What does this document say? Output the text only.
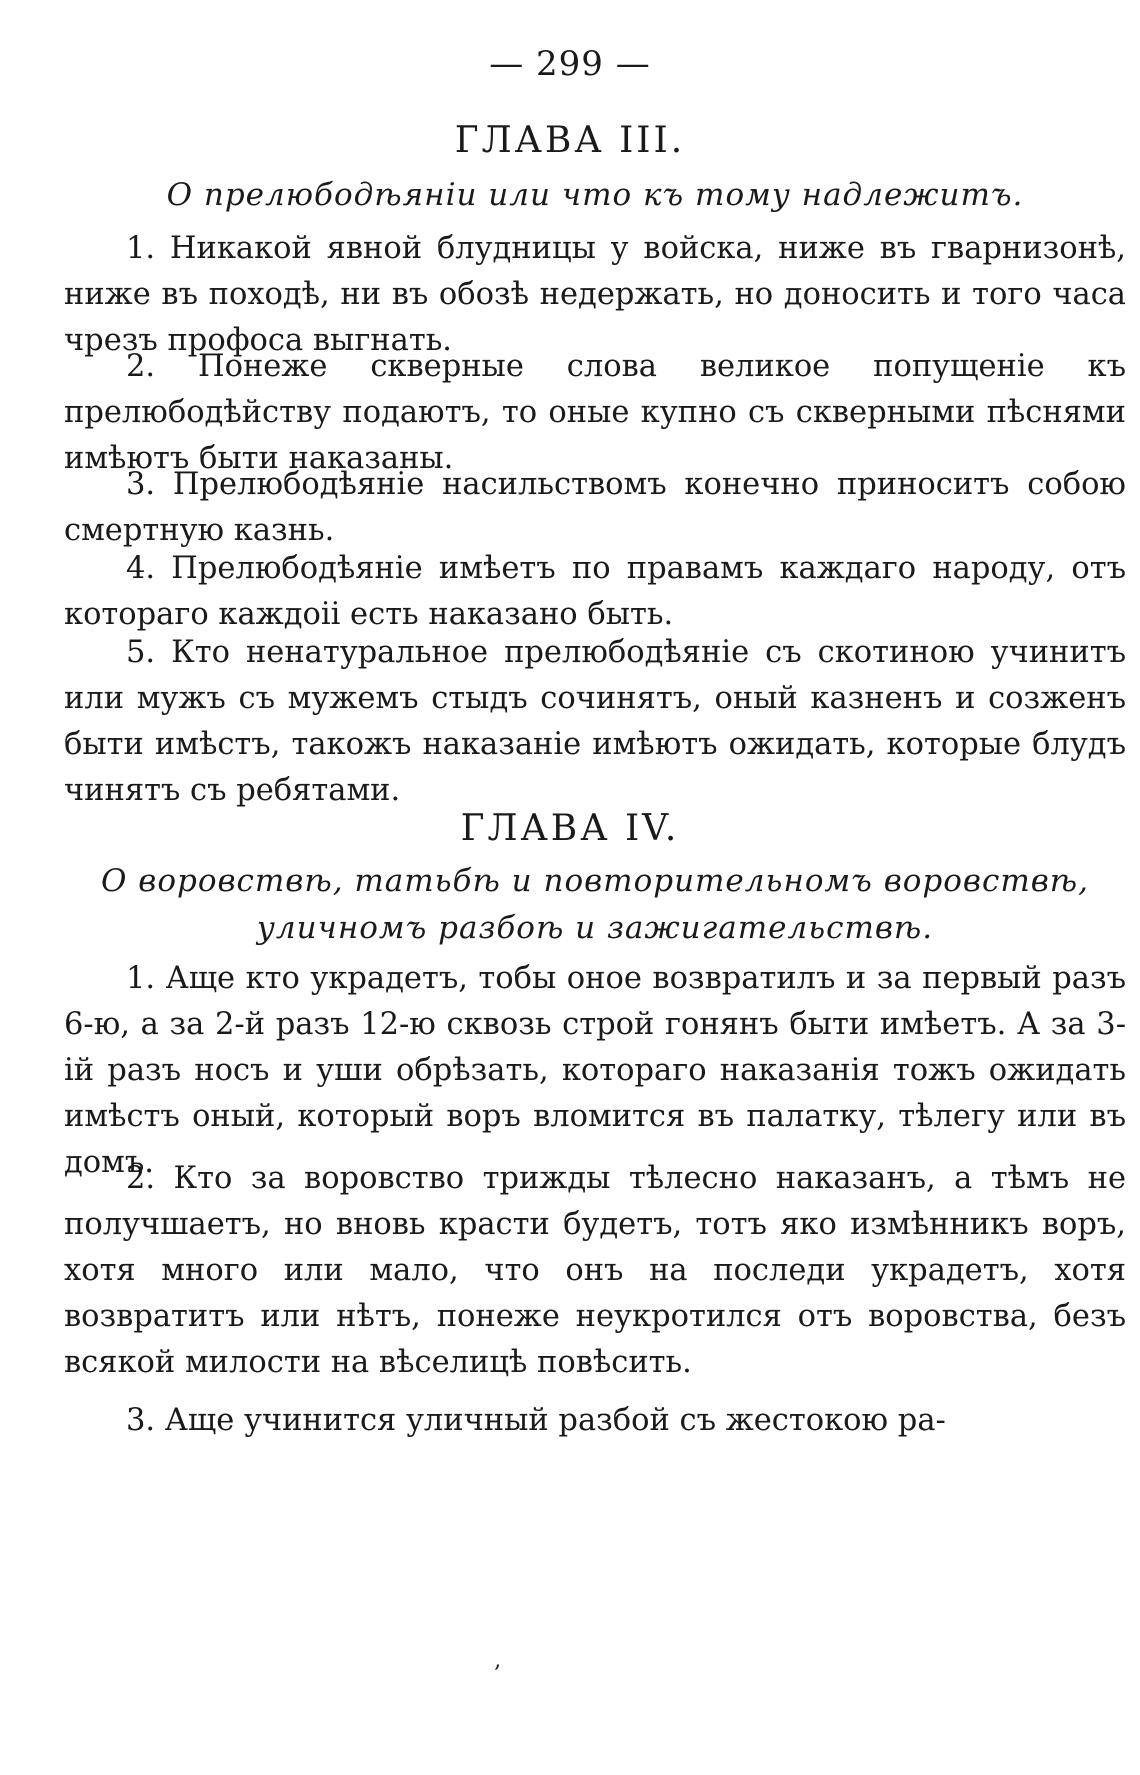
— 299 —
ГЛАВА III.
О прелюбодѣяніи или что къ тому надлежитъ.
1. Никакой явной блудницы у войска, ниже въ гварнизонѣ, ниже въ походѣ, ни въ обозѣ недержать, но доносить и того часа чрезъ профоса выгнать.
2. Понеже скверные слова великое попущеніе къ прелюбодѣйству подаютъ, то оные купно съ скверными пѣснями имѣютъ быти наказаны.
3. Прелюбодѣяніе насильствомъ конечно приноситъ собою смертную казнь.
4. Прелюбодѣяніе имѣетъ по правамъ каждаго народу, отъ котораго каждоіі есть наказано быть.
5. Кто ненатуральное прелюбодѣяніе съ скотиною учинитъ или мужъ съ мужемъ стыдъ сочинятъ, оный казненъ и созженъ быти имѣстъ, такожъ наказаніе имѣютъ ожидать, которые блудъ чинятъ съ ребятами.
ГЛАВА IV.
О воровствѣ, татьбѣ и повторительномъ воровствѣ, уличномъ разбоѣ и зажигательствѣ.
1. Аще кто украдетъ, тобы оное возвратилъ и за первый разъ 6-ю, а за 2-й разъ 12-ю сквозь строй гонянъ быти имѣетъ. А за 3-ій разъ носъ и уши обрѣзать, котораго наказанія тожъ ожидать имѣстъ оный, который воръ вломится въ палатку, тѣлегу или въ домъ.
2. Кто за воровство трижды тѣлесно наказанъ, а тѣмъ не получшаетъ, но вновь красти будетъ, тотъ яко измѣнникъ воръ, хотя много или мало, что онъ на последи украдетъ, хотя возвратитъ или нѣтъ, понеже неукротился отъ воровства, безъ всякой милости на вѣселицѣ повѣсить.
3. Аще учинится уличный разбой съ жестокою ра-
‚
